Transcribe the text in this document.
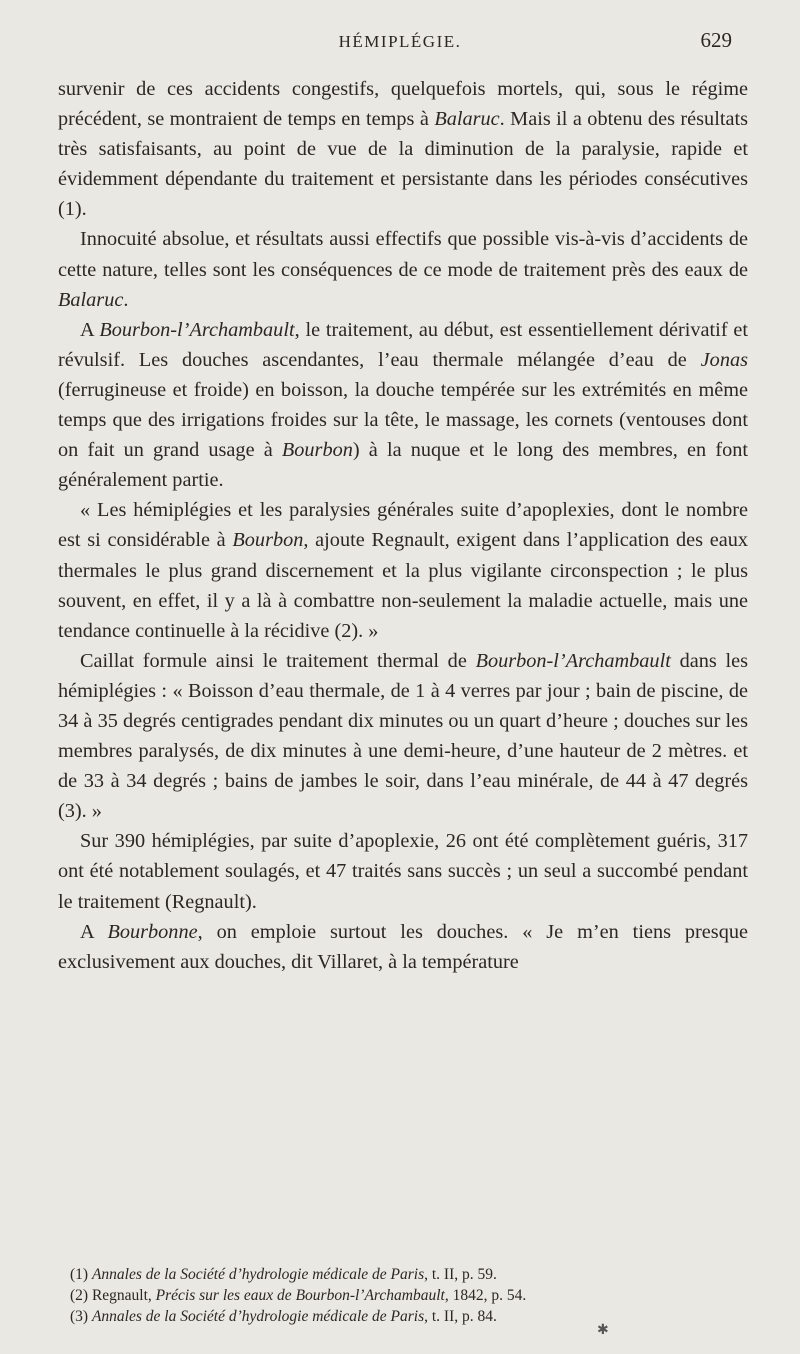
HÉMIPLÉGIE.	629

survenir de ces accidents congestifs, quelquefois mortels, qui, sous le régime précédent, se montraient de temps en temps à Balaruc. Mais il a obtenu des résultats très satisfaisants, au point de vue de la diminution de la paralysie, rapide et évidemment dépendante du traitement et persistante dans les périodes consécutives (1).

Innocuité absolue, et résultats aussi effectifs que possible vis-à-vis d’accidents de cette nature, telles sont les conséquences de ce mode de traitement près des eaux de Balaruc.

A Bourbon-l’Archambault, le traitement, au début, est essentiellement dérivatif et révulsif. Les douches ascendantes, l’eau thermale mélangée d’eau de Jonas (ferrugineuse et froide) en boisson, la douche tempérée sur les extrémités en même temps que des irrigations froides sur la tête, le massage, les cornets (ventouses dont on fait un grand usage à Bourbon) à la nuque et le long des membres, en font généralement partie.

« Les hémiplégies et les paralysies générales suite d’apoplexies, dont le nombre est si considérable à Bourbon, ajoute Regnault, exigent dans l’application des eaux thermales le plus grand discernement et la plus vigilante circonspection ; le plus souvent, en effet, il y a là à combattre non-seulement la maladie actuelle, mais une tendance continuelle à la récidive (2). »

Caillat formule ainsi le traitement thermal de Bourbon-l’Archambault dans les hémiplégies : « Boisson d’eau thermale, de 1 à 4 verres par jour ; bain de piscine, de 34 à 35 degrés centigrades pendant dix minutes ou un quart d’heure ; douches sur les membres paralysés, de dix minutes à une demi-heure, d’une hauteur de 2 mètres. et de 33 à 34 degrés ; bains de jambes le soir, dans l’eau minérale, de 44 à 47 degrés (3). »

Sur 390 hémiplégies, par suite d’apoplexie, 26 ont été complètement guéris, 317 ont été notablement soulagés, et 47 traités sans succès ; un seul a succombé pendant le traitement (Regnault).

A Bourbonne, on emploie surtout les douches. « Je m’en tiens presque exclusivement aux douches, dit Villaret, à la température

(1) Annales de la Société d’hydrologie médicale de Paris, t. II, p. 59.
(2) Regnault, Précis sur les eaux de Bourbon-l’Archambault, 1842, p. 54.
(3) Annales de la Société d’hydrologie médicale de Paris, t. II, p. 84.
✱
